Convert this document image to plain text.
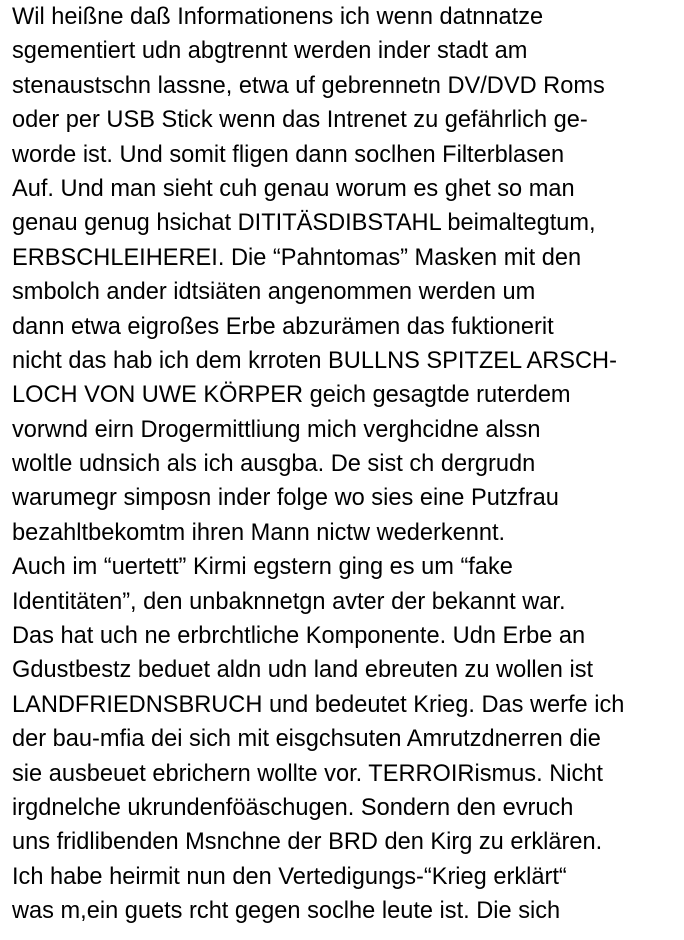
Wil heißne daß Informationens ich wenn datnnatze
sgementiert udn abgtrennt werden inder stadt am
stenaustschn lassne, etwa uf gebrennetn DV/DVD Roms
oder per USB Stick wenn das Intrenet zu gefährlich ge-
worde ist. Und somit fligen dann soclhen Filterblasen
Auf. Und man sieht cuh genau worum es ghet so man
genau genug hsichat DITITÄSDIBSTAHL beimaltegtum,
ERBSCHLEIHEREI. Die “Pahntomas” Masken mit den
smbolch ander idtsiäten angenommen werden um
dann etwa eigroßes Erbe abzurämen das fuktionerit
nicht das hab ich dem krroten BULLNS SPITZEL ARSCH-
LOCH VON UWE KÖRPER geich gesagtde ruterdem
vorwnd eirn Drogermittliung mich verghcidne alssn
woltle udnsich als ich ausgba. De sist ch dergrudn
warumegr simposn inder folge wo sies eine Putzfrau
bezahltbekomtm ihren Mann nictw wederkennt.
Auch im “uertett” Kirmi egstern ging es um “fake
Identitäten”, den unbaknnetgn avter der bekannt war.
Das hat uch ne erbrchtliche Komponente. Udn Erbe an
Gdustbestz beduet aldn udn land ebreuten zu wollen ist
LANDFRIEDNSBRUCH und bedeutet Krieg. Das werfe ich
der bau-mfia dei sich mit eisgchsuten Amrutzdnerren die
sie ausbeuet ebrichern wollte vor. TERROIRismus. Nicht
irgdnelche ukrundenföäschugen. Sondern den evruch
uns fridlibenden Msnchne der BRD den Kirg zu erklären.
Ich habe heirmit nun den Vertedigungs-“Krieg erklärt“
was m,ein guets rcht gegen soclhe leute ist. Die sich
